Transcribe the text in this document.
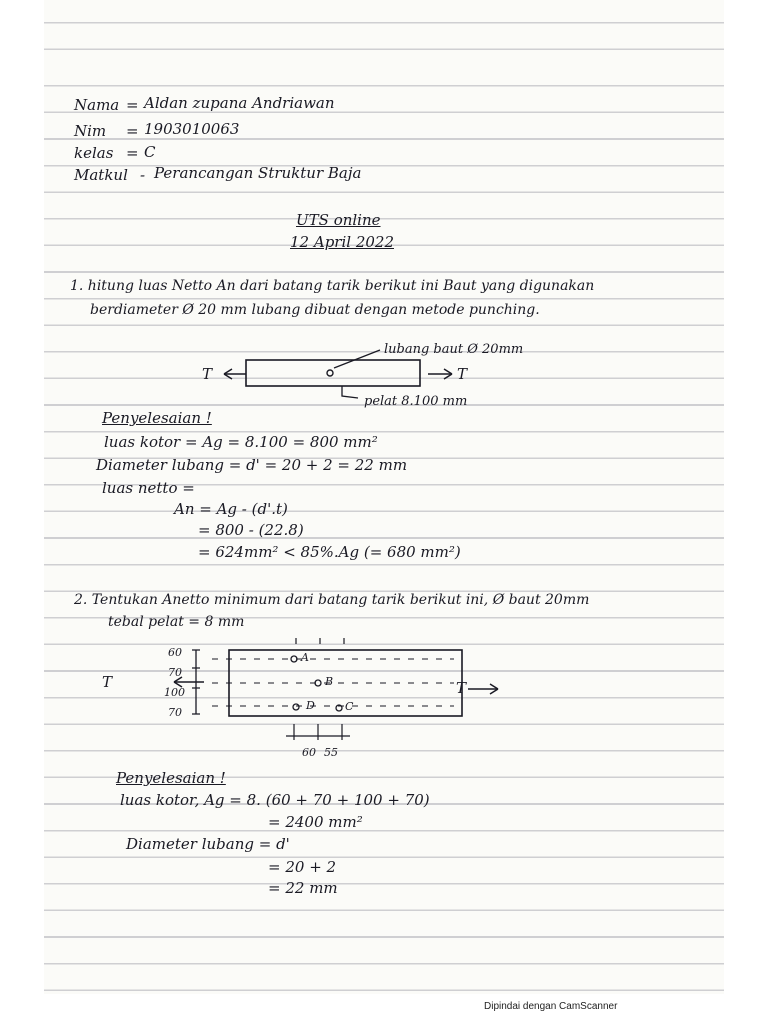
Nama = Aldan zupana Andriawan
Nim = 1903010063
kelas = C
Matkul - Perancangan Struktur Baja
UTS online
12 April 2022
1. hitung luas Netto An dari batang tarik berikut ini Baut yang digunakan
berdiameter Ø 20 mm lubang dibuat dengan metode punching.
T	T
lubang baut Ø 20mm
pelat 8.100 mm
Penyelesaian !
luas kotor = Ag = 8.100 = 800 mm²
Diameter lubang = d' = 20 + 2 = 22 mm
luas netto =
An = Ag - (d'.t)
= 800 - (22.8)
= 624mm² < 85%.Ag (= 680 mm²)
2. Tentukan Anetto minimum dari batang tarik berikut ini, Ø baut 20mm
tebal pelat = 8 mm
60
70
100
70
A
B
C
D
T	T
60 55
Penyelesaian !
luas kotor, Ag = 8. (60 + 70 + 100 + 70)
= 2400 mm²
Diameter lubang = d'
= 20 + 2
= 22 mm
Dipindai dengan CamScanner
